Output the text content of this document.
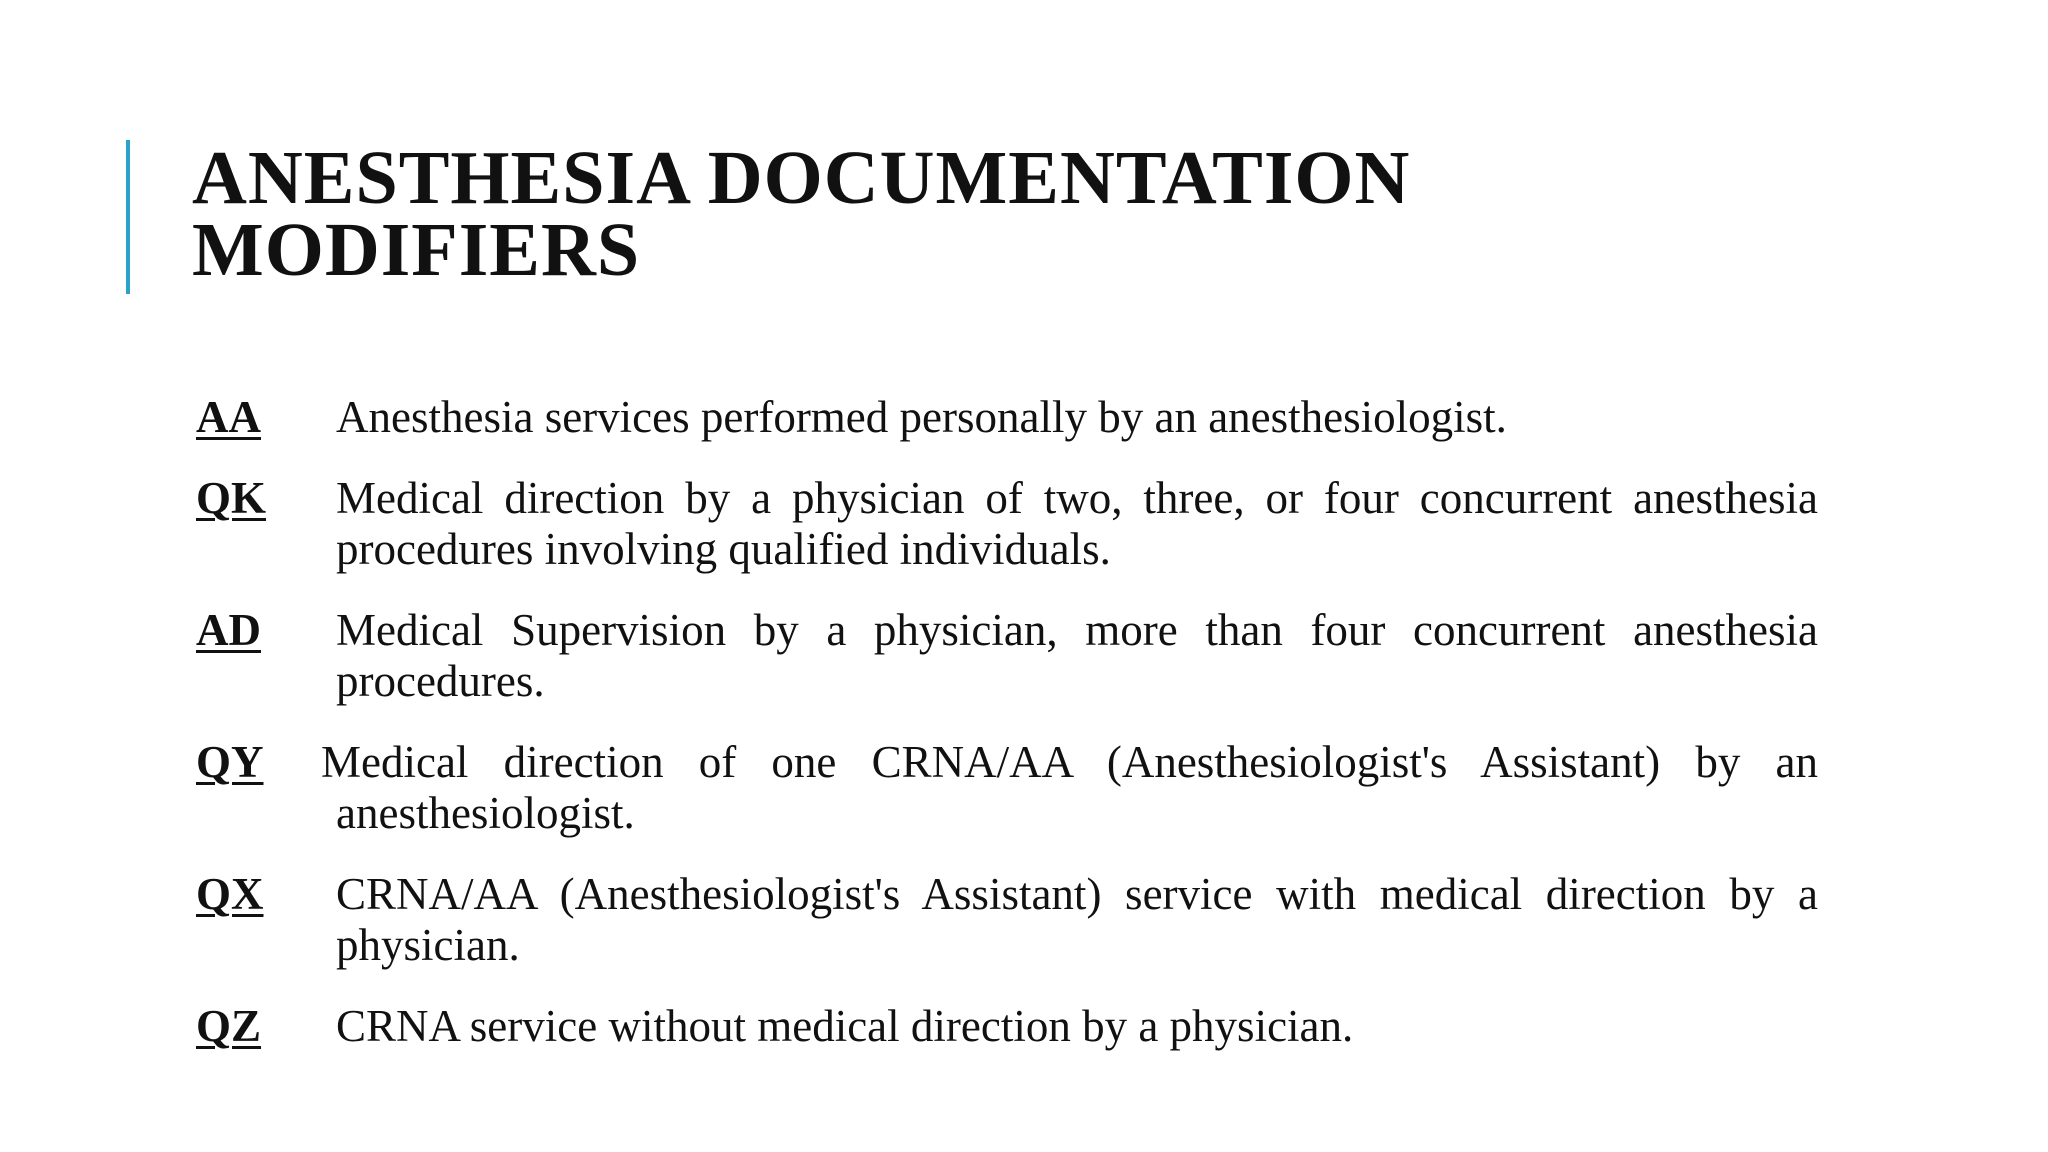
ANESTHESIA DOCUMENTATION
MODIFIERS
AA Anesthesia services performed personally by an anesthesiologist.
QK Medical direction by a physician of two, three, or four concurrent anesthesia procedures involving qualified individuals.
AD Medical Supervision by a physician, more than four concurrent anesthesia procedures.
QY Medical direction of one CRNA/AA (Anesthesiologist's Assistant) by an anesthesiologist.
QX CRNA/AA (Anesthesiologist's Assistant) service with medical direction by a physician.
QZ CRNA service without medical direction by a physician.
